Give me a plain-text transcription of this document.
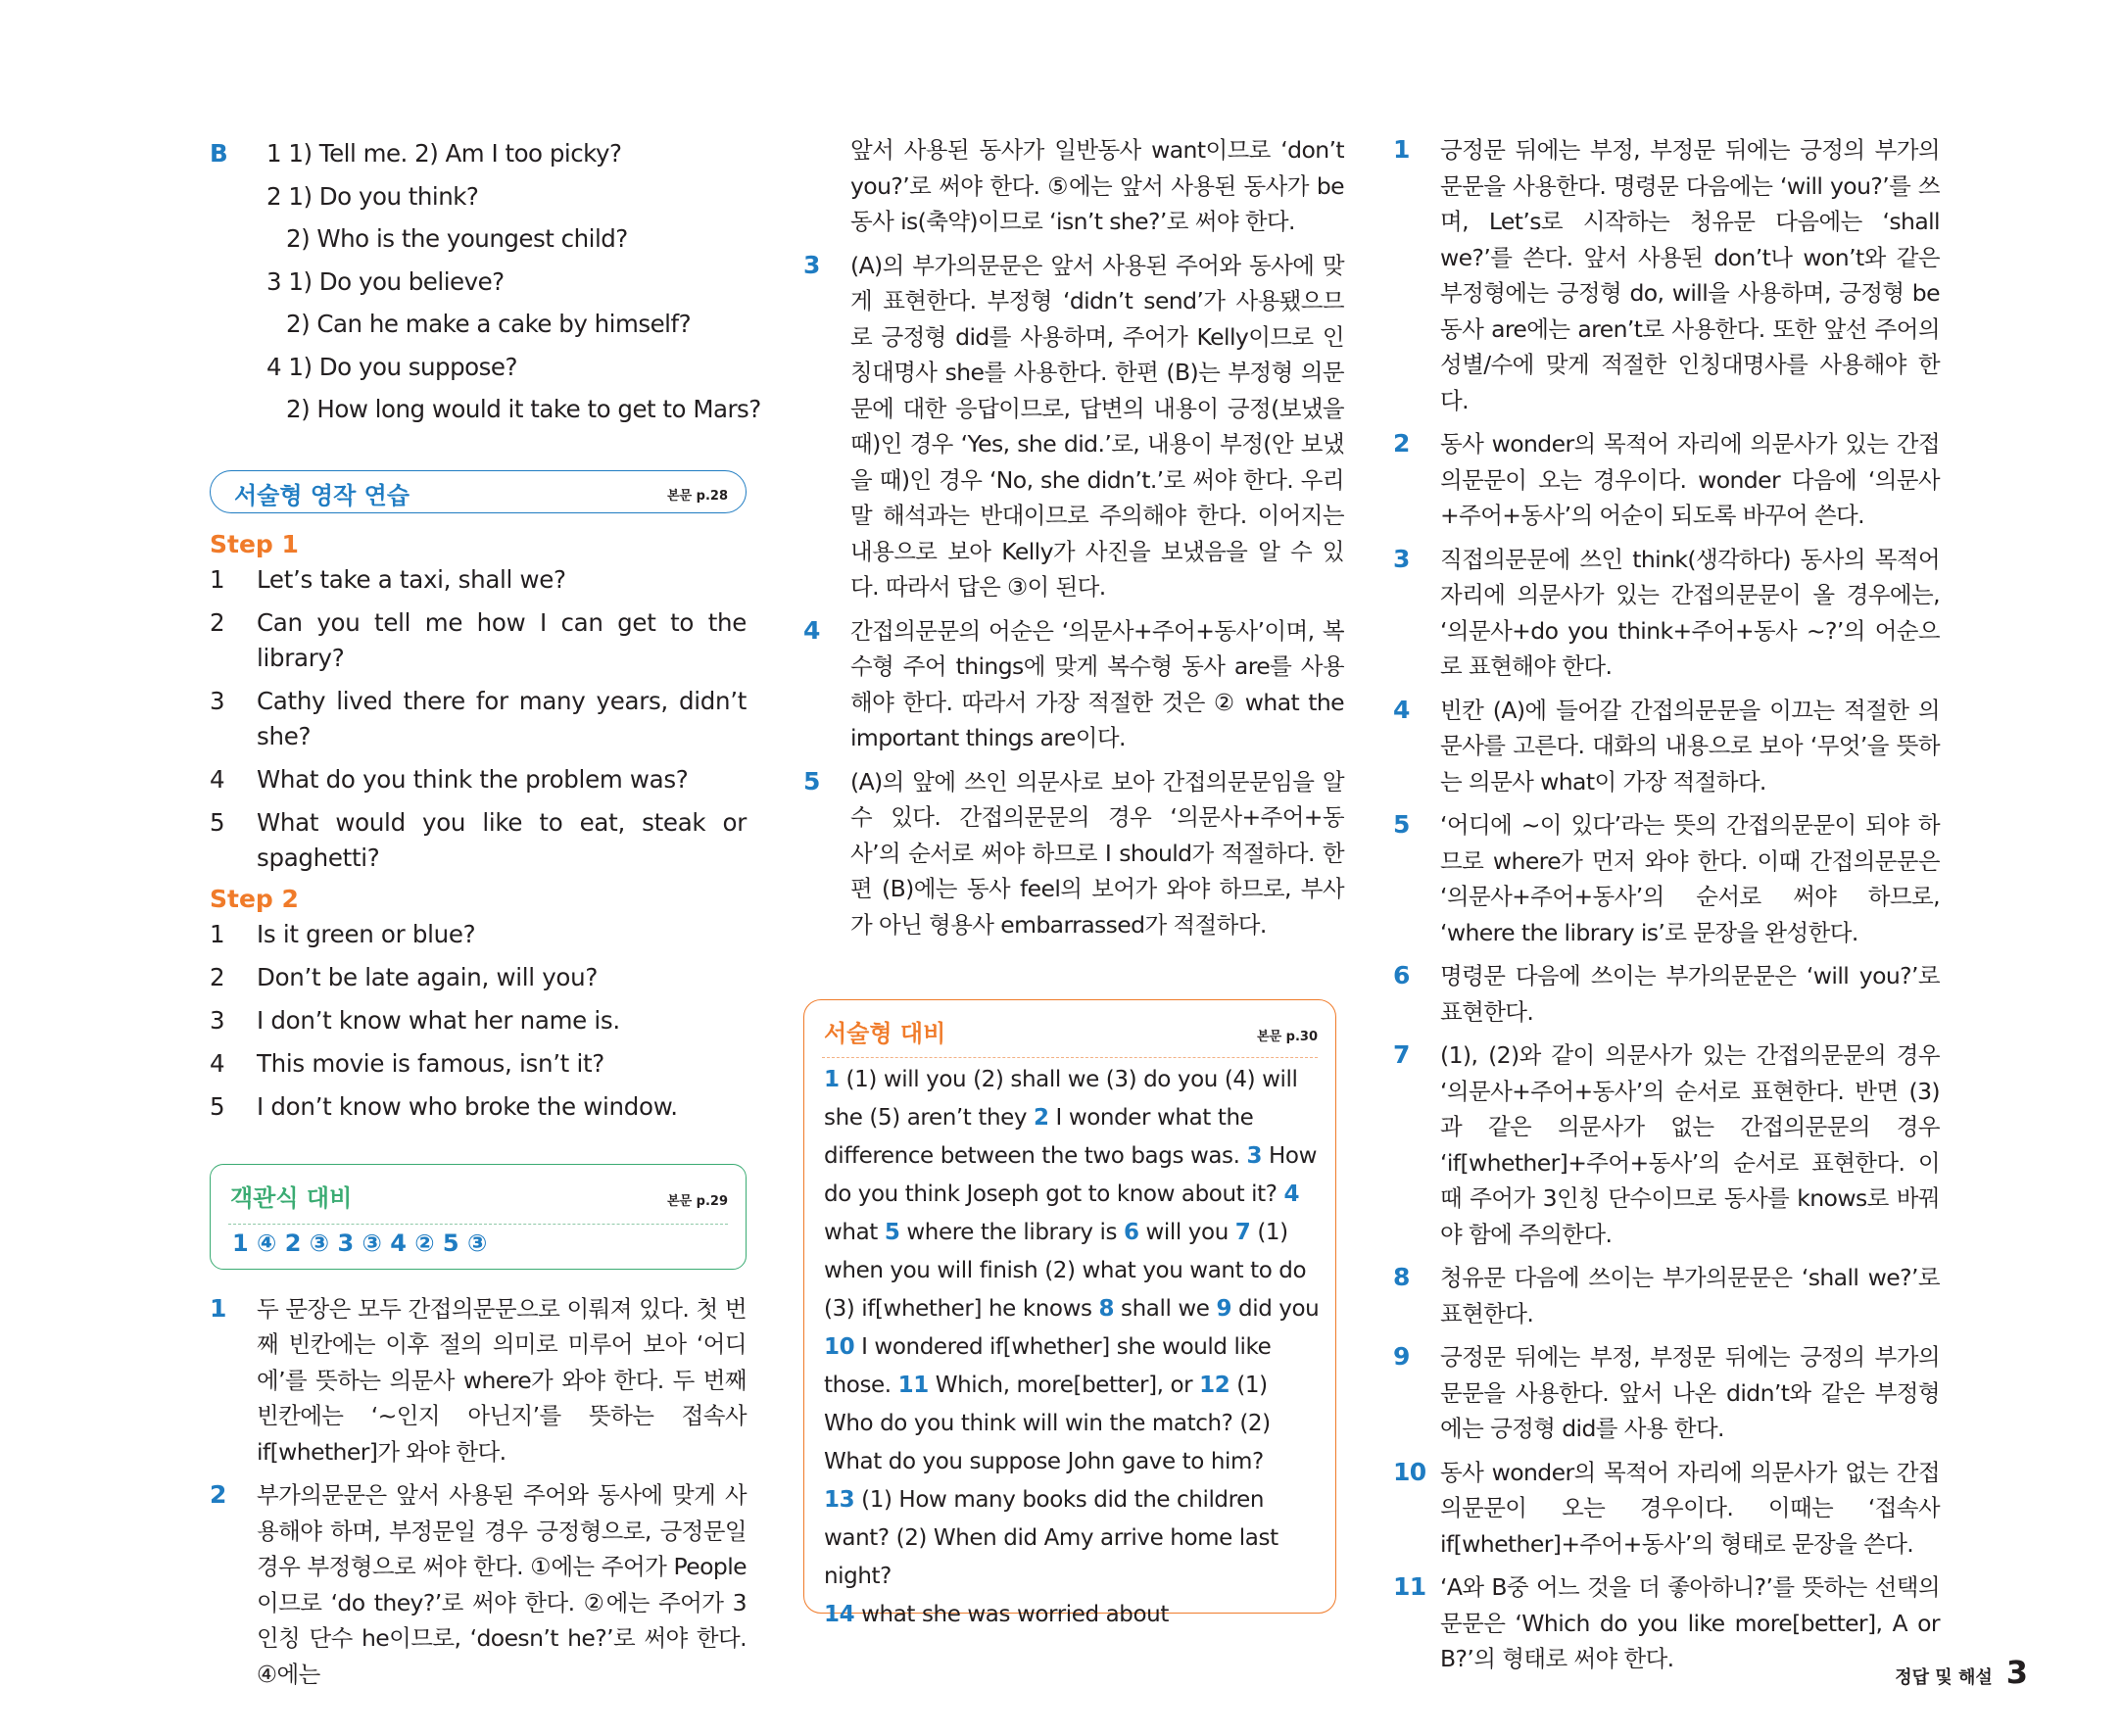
B	1 1) Tell me. 2) Am I too picky?
2 1) Do you think?
2) Who is the youngest child?
3 1) Do you believe?
2) Can he make a cake by himself?
4 1) Do you suppose?
2) How long would it take to get to Mars?
서술형 영작 연습	본문 p.28
Step 1
1	Let’s take a taxi, shall we?
2	Can you tell me how I can get to the library?
3	Cathy lived there for many years, didn’t she?
4	What do you think the problem was?
5	What would you like to eat, steak or spaghetti?
Step 2
1	Is it green or blue?
2	Don’t be late again, will you?
3	I don’t know what her name is.
4	This movie is famous, isn’t it?
5	I don’t know who broke the window.
객관식 대비	본문 p.29
1 ④ 2 ③ 3 ③ 4 ② 5 ③
1	두 문장은 모두 간접의문문으로 이뤄져 있다. 첫 번째 빈칸에는 이후 절의 의미로 미루어 보아 ‘어디에’를 뜻하는 의문사 where가 와야 한다. 두 번째 빈칸에는 ‘~인지 아닌지’를 뜻하는 접속사 if[whether]가 와야 한다.
2	부가의문문은 앞서 사용된 주어와 동사에 맞게 사용해야 하며, 부정문일 경우 긍정형으로, 긍정문일 경우 부정형으로 써야 한다. ①에는 주어가 People이므로 ‘do they?’로 써야 한다. ②에는 주어가 3인칭 단수 he이므로, ‘doesn’t he?’로 써야 한다. ④에는
앞서 사용된 동사가 일반동사 want이므로 ‘don’t you?’로 써야 한다. ⑤에는 앞서 사용된 동사가 be동사 is(축약)이므로 ‘isn’t she?’로 써야 한다.
3	(A)의 부가의문문은 앞서 사용된 주어와 동사에 맞게 표현한다. 부정형 ‘didn’t send’가 사용됐으므로 긍정형 did를 사용하며, 주어가 Kelly이므로 인칭대명사 she를 사용한다. 한편 (B)는 부정형 의문문에 대한 응답이므로, 답변의 내용이 긍정(보냈을 때)인 경우 ‘Yes, she did.’로, 내용이 부정(안 보냈을 때)인 경우 ‘No, she didn’t.’로 써야 한다. 우리말 해석과는 반대이므로 주의해야 한다. 이어지는 내용으로 보아 Kelly가 사진을 보냈음을 알 수 있다. 따라서 답은 ③이 된다.
4	간접의문문의 어순은 ‘의문사+주어+동사’이며, 복수형 주어 things에 맞게 복수형 동사 are를 사용해야 한다. 따라서 가장 적절한 것은 ② what the important things are이다.
5	(A)의 앞에 쓰인 의문사로 보아 간접의문문임을 알 수 있다. 간접의문문의 경우 ‘의문사+주어+동사’의 순서로 써야 하므로 I should가 적절하다. 한편 (B)에는 동사 feel의 보어가 와야 하므로, 부사가 아닌 형용사 embarrassed가 적절하다.
서술형 대비	본문 p.30
1 (1) will you (2) shall we (3) do you (4) will she (5) aren’t they 2 I wonder what the difference between the two bags was. 3 How do you think Joseph got to know about it? 4 what 5 where the library is 6 will you 7 (1) when you will finish (2) what you want to do (3) if[whether] he knows 8 shall we 9 did you
10 I wondered if[whether] she would like those. 11 Which, more[better], or 12 (1) Who do you think will win the match? (2) What do you suppose John gave to him?
13 (1) How many books did the children want? (2) When did Amy arrive home last night?
14 what she was worried about
1	긍정문 뒤에는 부정, 부정문 뒤에는 긍정의 부가의문문을 사용한다. 명령문 다음에는 ‘will you?’를 쓰며, Let’s로 시작하는 청유문 다음에는 ‘shall we?’를 쓴다. 앞서 사용된 don’t나 won’t와 같은 부정형에는 긍정형 do, will을 사용하며, 긍정형 be동사 are에는 aren’t로 사용한다. 또한 앞선 주어의 성별/수에 맞게 적절한 인칭대명사를 사용해야 한다.
2	동사 wonder의 목적어 자리에 의문사가 있는 간접의문문이 오는 경우이다. wonder 다음에 ‘의문사+주어+동사’의 어순이 되도록 바꾸어 쓴다.
3	직접의문문에 쓰인 think(생각하다) 동사의 목적어 자리에 의문사가 있는 간접의문문이 올 경우에는, ‘의문사+do you think+주어+동사 ~?’의 어순으로 표현해야 한다.
4	빈칸 (A)에 들어갈 간접의문문을 이끄는 적절한 의문사를 고른다. 대화의 내용으로 보아 ‘무엇’을 뜻하는 의문사 what이 가장 적절하다.
5	‘어디에 ~이 있다’라는 뜻의 간접의문문이 되야 하므로 where가 먼저 와야 한다. 이때 간접의문문은 ‘의문사+주어+동사’의 순서로 써야 하므로, ‘where the library is’로 문장을 완성한다.
6	명령문 다음에 쓰이는 부가의문문은 ‘will you?’로 표현한다.
7	(1), (2)와 같이 의문사가 있는 간접의문문의 경우 ‘의문사+주어+동사’의 순서로 표현한다. 반면 (3)과 같은 의문사가 없는 간접의문문의 경우 ‘if[whether]+주어+동사’의 순서로 표현한다. 이때 주어가 3인칭 단수이므로 동사를 knows로 바꿔야 함에 주의한다.
8	청유문 다음에 쓰이는 부가의문문은 ‘shall we?’로 표현한다.
9	긍정문 뒤에는 부정, 부정문 뒤에는 긍정의 부가의문문을 사용한다. 앞서 나온 didn’t와 같은 부정형에는 긍정형 did를 사용 한다.
10 동사 wonder의 목적어 자리에 의문사가 없는 간접의문문이 오는 경우이다. 이때는 ‘접속사 if[whether]+주어+동사’의 형태로 문장을 쓴다.
11 ‘A와 B중 어느 것을 더 좋아하니?’를 뜻하는 선택의문문은 ‘Which do you like more[better], A or B?’의 형태로 써야 한다.
정답 및 해설 3
